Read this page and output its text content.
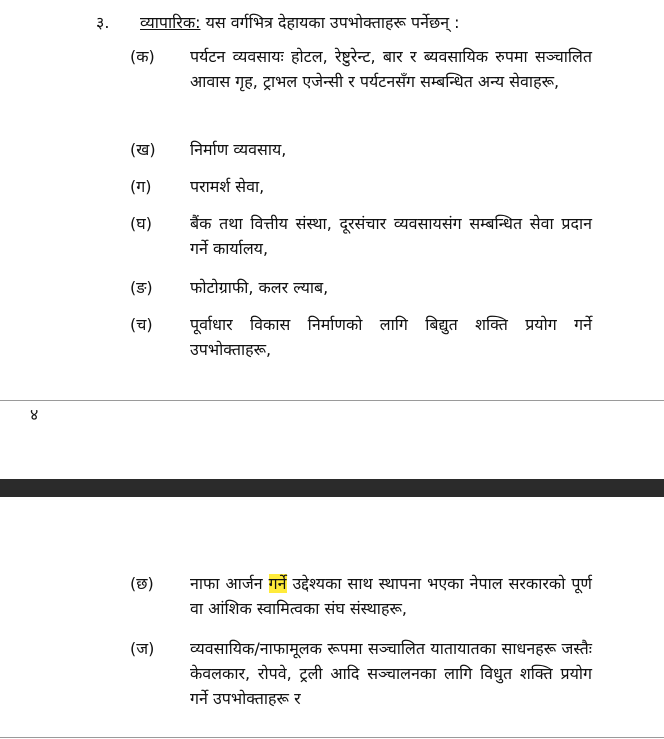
३. व्यापारिक: यस वर्गभित्र देहायका उपभोक्ताहरू पर्नेछन् :
(क)	पर्यटन व्यवसायः होटल, रेष्टुरेन्ट, बार र ब्यवसायिक रुपमा सञ्चालित आवास गृह, ट्राभल एजेन्सी र पर्यटनसँग सम्बन्धित अन्य सेवाहरू,
(ख)	निर्माण व्यवसाय,
(ग)	परामर्श सेवा,
(घ)	बैंक तथा वित्तीय संस्था, दूरसंचार व्यवसायसंग सम्बन्धित सेवा प्रदान गर्ने कार्यालय,
(ङ)	फोटोग्राफी, कलर ल्याब,
(च)	पूर्वाधार विकास निर्माणको लागि बिद्युत शक्ति प्रयोग गर्ने उपभोक्ताहरू,
४
(छ)	नाफा आर्जन गर्ने उद्देश्यका साथ स्थापना भएका नेपाल सरकारको पूर्ण वा आंशिक स्वामित्वका संघ संस्थाहरू,
(ज)	व्यवसायिक/नाफामूलक रूपमा सञ्चालित यातायातका साधनहरू जस्तैः केवलकार, रोपवे, ट्रली आदि सञ्चालनका लागि विधुत शक्ति प्रयोग गर्ने उपभोक्ताहरू र
